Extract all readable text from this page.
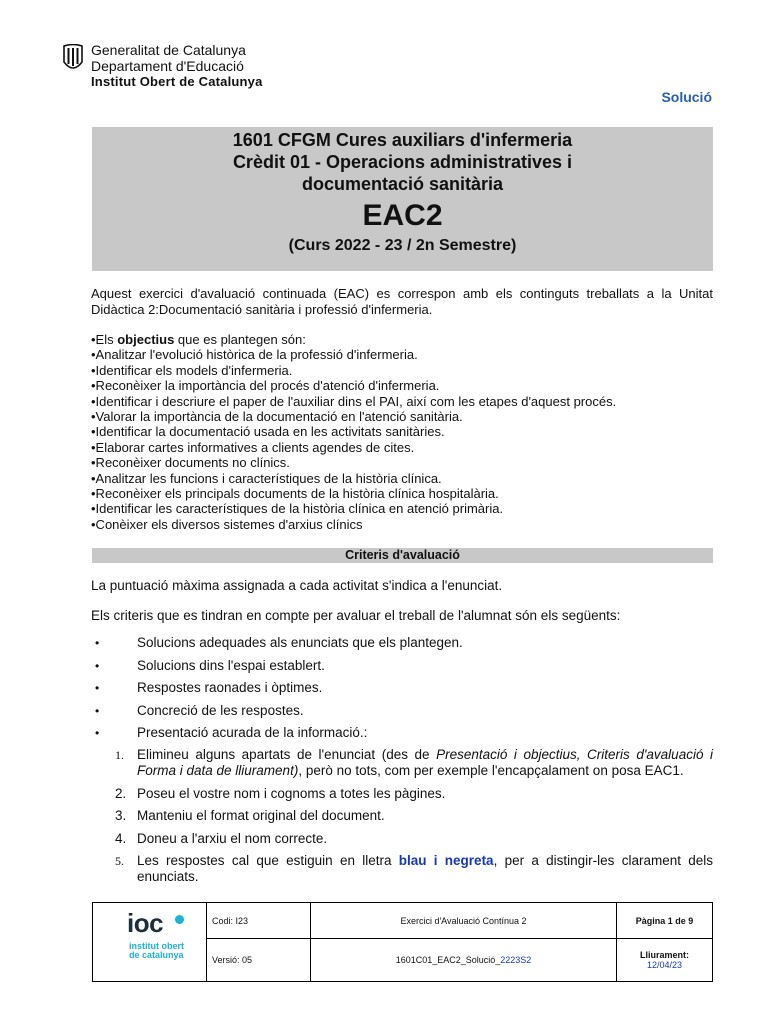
Generalitat de Catalunya
Departament d'Educació
Institut Obert de Catalunya
Solució
1601 CFGM Cures auxiliars d'infermeria
Crèdit 01 - Operacions administratives i
documentació sanitària
EAC2
(Curs 2022 - 23 / 2n Semestre)
Aquest exercici d'avaluació continuada (EAC) es correspon amb els continguts treballats a la Unitat Didàctica 2:Documentació sanitària i professió d'infermeria.
•Els objectius que es plantegen són:
•Analitzar l'evolució històrica de la professió d'infermeria.
•Identificar els models d'infermeria.
•Reconèixer la importància del procés d'atenció d'infermeria.
•Identificar i descriure el paper de l'auxiliar dins el PAI, així com les etapes d'aquest procés.
•Valorar la importància de la documentació en l'atenció sanitària.
•Identificar la documentació usada en les activitats sanitàries.
•Elaborar cartes informatives a clients agendes de cites.
•Reconèixer documents no clínics.
•Analitzar les funcions i característiques de la història clínica.
•Reconèixer els principals documents de la història clínica hospitalària.
•Identificar les característiques de la història clínica en atenció primària.
•Conèixer els diversos sistemes d'arxius clínics
Criteris d'avaluació
La puntuació màxima assignada a cada activitat s'indica a l'enunciat.
Els criteris que es tindran en compte per avaluar el treball de l'alumnat són els següents:
•	Solucions adequades als enunciats que els plantegen.
•	Solucions dins l'espai establert.
•	Respostes raonades i òptimes.
•	Concreció de les respostes.
•	Presentació acurada de la informació.:
1. Elimineu alguns apartats de l'enunciat (des de Presentació i objectius, Criteris d'avaluació i Forma i data de lliurament), però no tots, com per exemple l'encapçalament on posa EAC1.
2. Poseu el vostre nom i cognoms a totes les pàgines.
3. Manteniu el format original del document.
4. Doneu a l'arxiu el nom correcte.
5. Les respostes cal que estiguin en lletra blau i negreta, per a distingir-les clarament dels enunciats.
ioc
institut obert
de catalunya
Codi: I23	Exercici d'Avaluació Contínua 2	Pàgina 1 de 9
Versió: 05	1601C01_EAC2_Solució_ 2223S2	Lliurament:
12/04/23
